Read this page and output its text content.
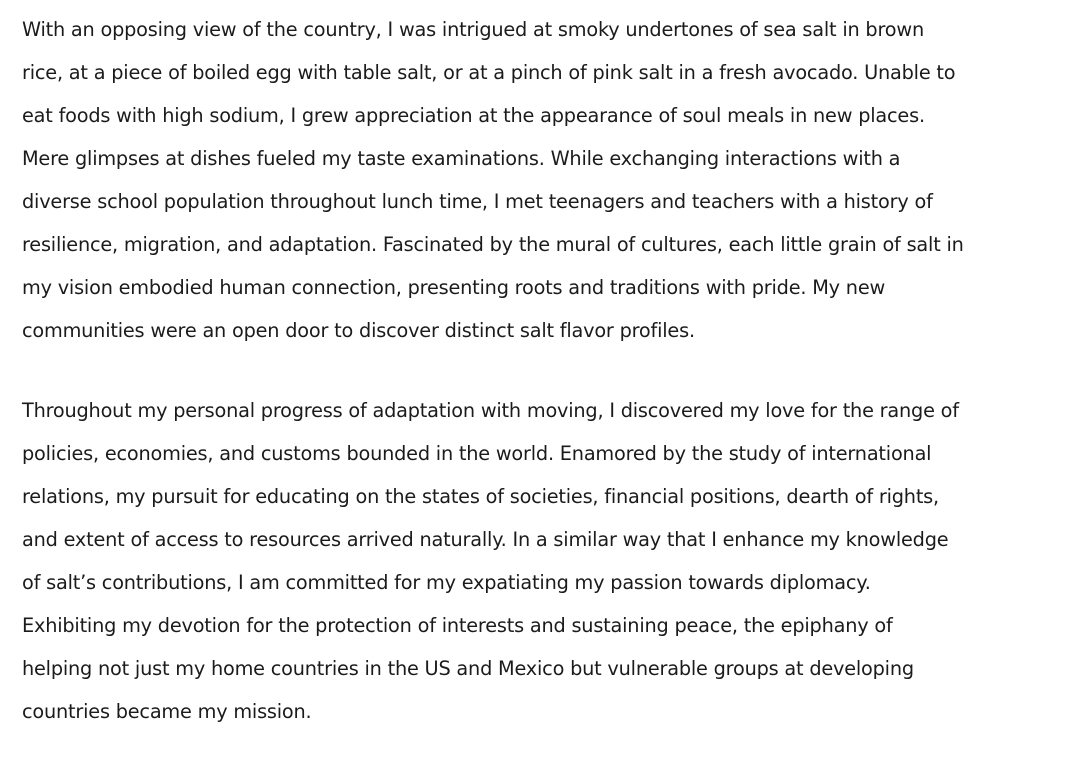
With an opposing view of the country, I was intrigued at smoky undertones of sea salt in brown
rice, at a piece of boiled egg with table salt, or at a pinch of pink salt in a fresh avocado. Unable to
eat foods with high sodium, I grew appreciation at the appearance of soul meals in new places.
Mere glimpses at dishes fueled my taste examinations. While exchanging interactions with a
diverse school population throughout lunch time, I met teenagers and teachers with a history of
resilience, migration, and adaptation. Fascinated by the mural of cultures, each little grain of salt in
my vision embodied human connection, presenting roots and traditions with pride. My new
communities were an open door to discover distinct salt flavor profiles.

Throughout my personal progress of adaptation with moving, I discovered my love for the range of
policies, economies, and customs bounded in the world. Enamored by the study of international
relations, my pursuit for educating on the states of societies, financial positions, dearth of rights,
and extent of access to resources arrived naturally. In a similar way that I enhance my knowledge
of salt’s contributions, I am committed for my expatiating my passion towards diplomacy.
Exhibiting my devotion for the protection of interests and sustaining peace, the epiphany of
helping not just my home countries in the US and Mexico but vulnerable groups at developing
countries became my mission.
